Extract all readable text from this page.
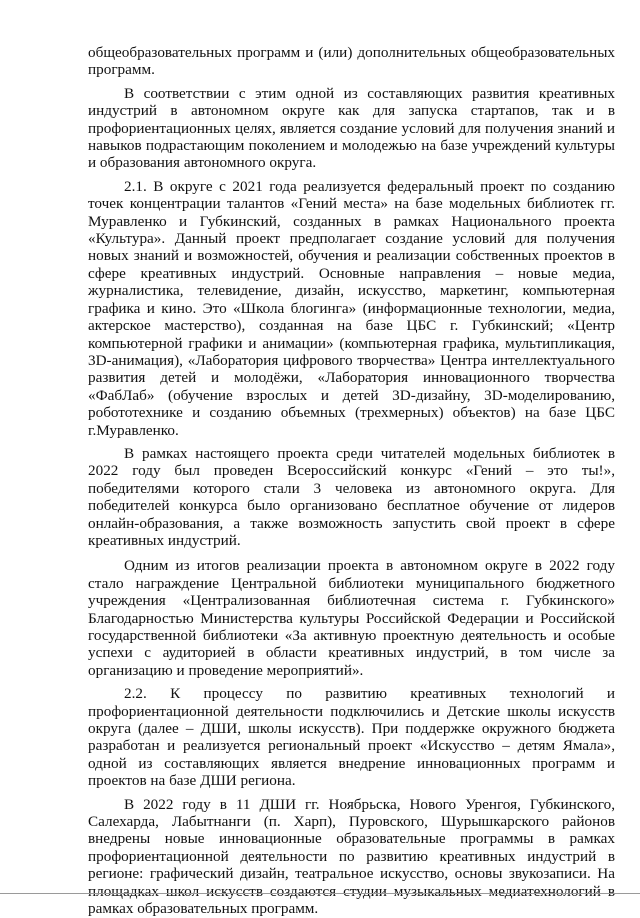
общеобразовательных программ и (или) дополнительных общеобразовательных программ.

В соответствии с этим одной из составляющих развития креативных индустрий в автономном округе как для запуска стартапов, так и в профориентационных целях, является создание условий для получения знаний и навыков подрастающим поколением и молодежью на базе учреждений культуры и образования автономного округа.

2.1. В округе с 2021 года реализуется федеральный проект по созданию точек концентрации талантов «Гений места» на базе модельных библиотек гг. Муравленко и Губкинский, созданных в рамках Национального проекта «Культура». Данный проект предполагает создание условий для получения новых знаний и возможностей, обучения и реализации собственных проектов в сфере креативных индустрий. Основные направления – новые медиа, журналистика, телевидение, дизайн, искусство, маркетинг, компьютерная графика и кино. Это «Школа блогинга» (информационные технологии, медиа, актерское мастерство), созданная на базе ЦБС г. Губкинский; «Центр компьютерной графики и анимации» (компьютерная графика, мультипликация, 3D-анимация), «Лаборатория цифрового творчества» Центра интеллектуального развития детей и молодёжи, «Лаборатория инновационного творчества «ФабЛаб» (обучение взрослых и детей 3D-дизайну, 3D-моделированию, робототехнике и созданию объемных (трехмерных) объектов) на базе ЦБС г.Муравленко.

В рамках настоящего проекта среди читателей модельных библиотек в 2022 году был проведен Всероссийский конкурс «Гений – это ты!», победителями которого стали 3 человека из автономного округа. Для победителей конкурса было организовано бесплатное обучение от лидеров онлайн-образования, а также возможность запустить свой проект в сфере креативных индустрий.

Одним из итогов реализации проекта в автономном округе в 2022 году стало награждение Центральной библиотеки муниципального бюджетного учреждения «Централизованная библиотечная система г. Губкинского» Благодарностью Министерства культуры Российской Федерации и Российской государственной библиотеки «За активную проектную деятельность и особые успехи с аудиторией в области креативных индустрий, в том числе за организацию и проведение мероприятий».

2.2. К процессу по развитию креативных технологий и профориентационной деятельности подключились и Детские школы искусств округа (далее – ДШИ, школы искусств). При поддержке окружного бюджета разработан и реализуется региональный проект «Искусство – детям Ямала», одной из составляющих является внедрение инновационных программ и проектов на базе ДШИ региона.

В 2022 году в 11 ДШИ гг. Ноябрьска, Нового Уренгоя, Губкинского, Салехарда, Лабытнанги (п. Харп), Пуровского, Шурышкарского районов внедрены новые инновационные образовательные программы в рамках профориентационной деятельности по развитию креативных индустрий в регионе: графический дизайн, театральное искусство, основы звукозаписи. На площадках школ искусств создаются студии музыкальных медиатехнологий в рамках образовательных программ.
